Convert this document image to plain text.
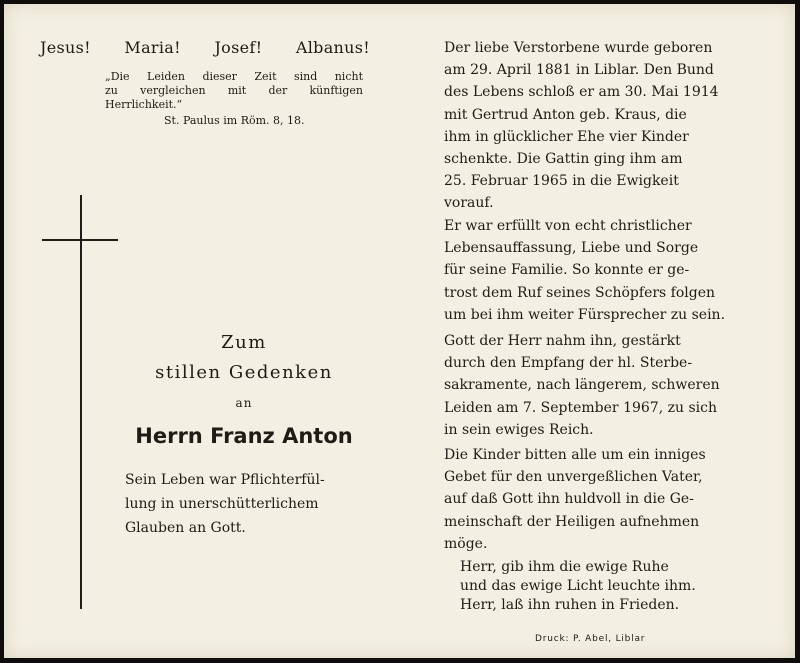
Jesus! Maria! Josef! Albanus!
„Die Leiden dieser Zeit sind nicht
zu vergleichen mit der künftigen
Herrlichkeit.“
St. Paulus im Röm. 8, 18.
Zum
stillen Gedenken
an
Herrn Franz Anton
Sein Leben war Pflichterfül-
lung in unerschütterlichem
Glauben an Gott.
Der liebe Verstorbene wurde geboren
am 29. April 1881 in Liblar. Den Bund
des Lebens schloß er am 30. Mai 1914
mit Gertrud Anton geb. Kraus, die
ihm in glücklicher Ehe vier Kinder
schenkte. Die Gattin ging ihm am
25. Februar 1965 in die Ewigkeit
vorauf.
Er war erfüllt von echt christlicher
Lebensauffassung, Liebe und Sorge
für seine Familie. So konnte er ge-
trost dem Ruf seines Schöpfers folgen
um bei ihm weiter Fürsprecher zu sein.
Gott der Herr nahm ihn, gestärkt
durch den Empfang der hl. Sterbe-
sakramente, nach längerem, schweren
Leiden am 7. September 1967, zu sich
in sein ewiges Reich.
Die Kinder bitten alle um ein inniges
Gebet für den unvergeßlichen Vater,
auf daß Gott ihn huldvoll in die Ge-
meinschaft der Heiligen aufnehmen
möge.
Herr, gib ihm die ewige Ruhe
und das ewige Licht leuchte ihm.
Herr, laß ihn ruhen in Frieden.
Druck: P. Abel, Liblar
